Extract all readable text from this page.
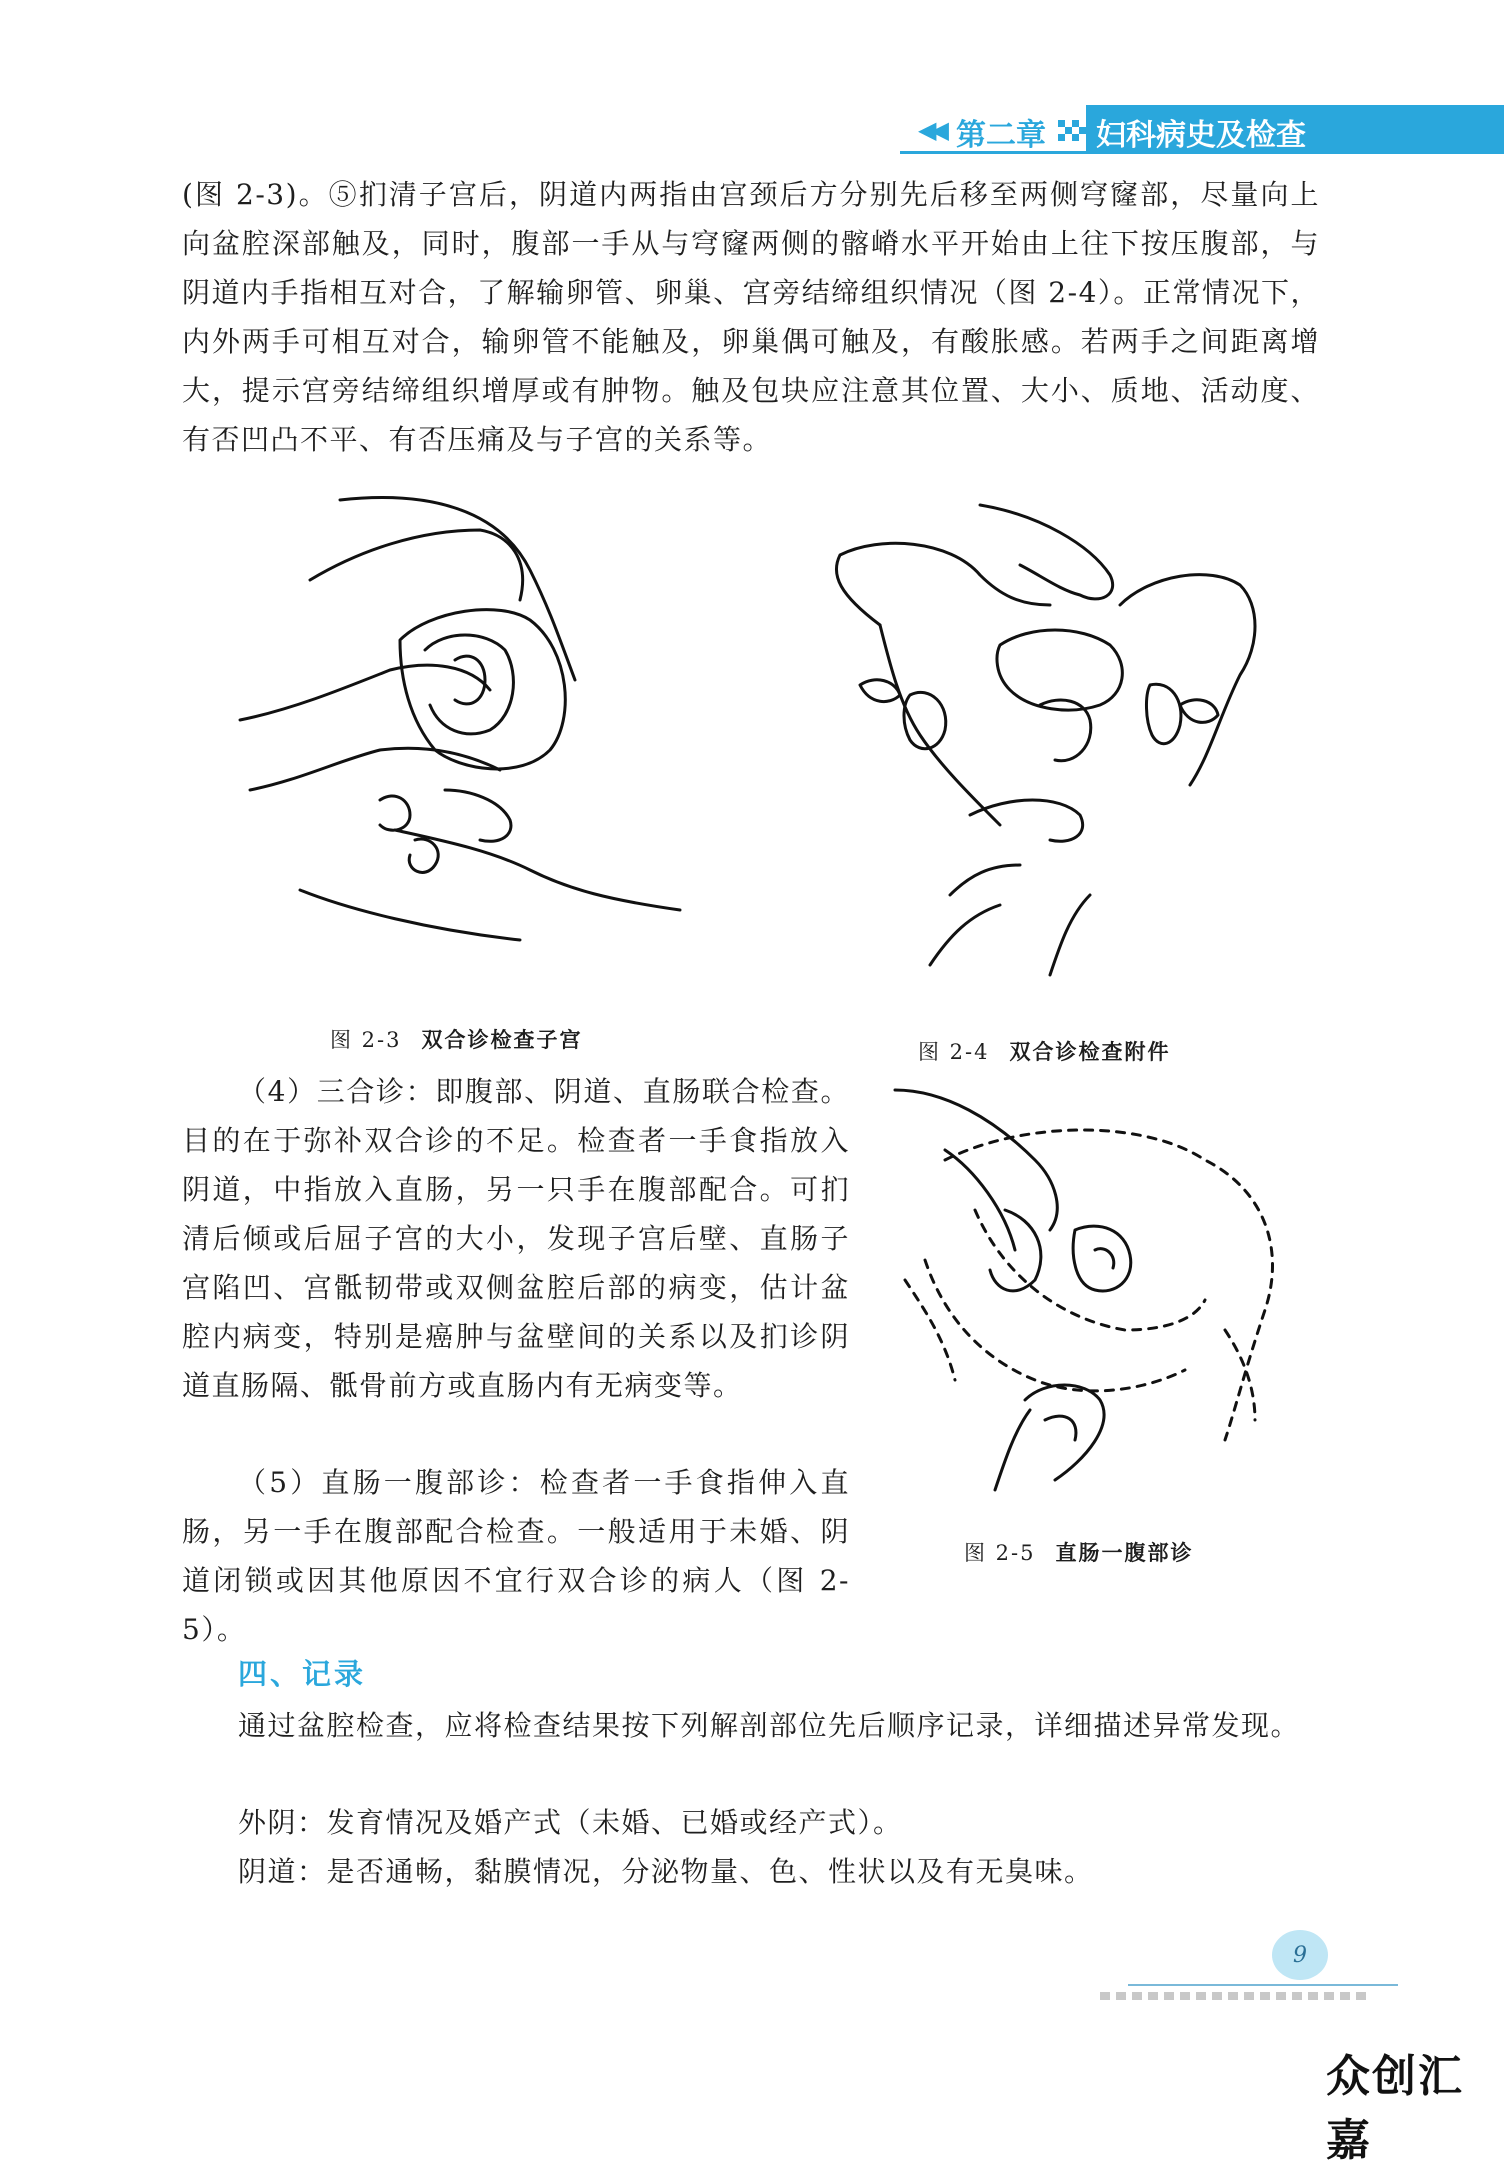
◀◀ 第二章 妇科病史及检查

(图 2-3)。⑤扪清子宫后，阴道内两指由宫颈后方分别先后移至两侧穹窿部，尽量向上向盆腔深部触及，同时，腹部一手从与穹窿两侧的髂嵴水平开始由上往下按压腹部，与阴道内手指相互对合，了解输卵管、卵巢、宫旁结缔组织情况（图 2-4）。正常情况下，内外两手可相互对合，输卵管不能触及，卵巢偶可触及，有酸胀感。若两手之间距离增大，提示宫旁结缔组织增厚或有肿物。触及包块应注意其位置、大小、质地、活动度、有否凹凸不平、有否压痛及与子宫的关系等。

图 2-3 双合诊检查子宫	图 2-4 双合诊检查附件

（4）三合诊：即腹部、阴道、直肠联合检查。目的在于弥补双合诊的不足。检查者一手食指放入阴道，中指放入直肠，另一只手在腹部配合。可扪清后倾或后屈子宫的大小，发现子宫后壁、直肠子宫陷凹、宫骶韧带或双侧盆腔后部的病变，估计盆腔内病变，特别是癌肿与盆壁间的关系以及扪诊阴道直肠隔、骶骨前方或直肠内有无病变等。

（5）直肠一腹部诊：检查者一手食指伸入直肠，另一手在腹部配合检查。一般适用于未婚、阴道闭锁或因其他原因不宜行双合诊的病人（图 2-5）。

图 2-5 直肠一腹部诊
四、记录

通过盆腔检查，应将检查结果按下列解剖部位先后顺序记录，详细描述异常发现。

外阴：发育情况及婚产式（未婚、已婚或经产式）。

阴道：是否通畅，黏膜情况，分泌物量、色、性状以及有无臭味。

9
众创汇嘉
